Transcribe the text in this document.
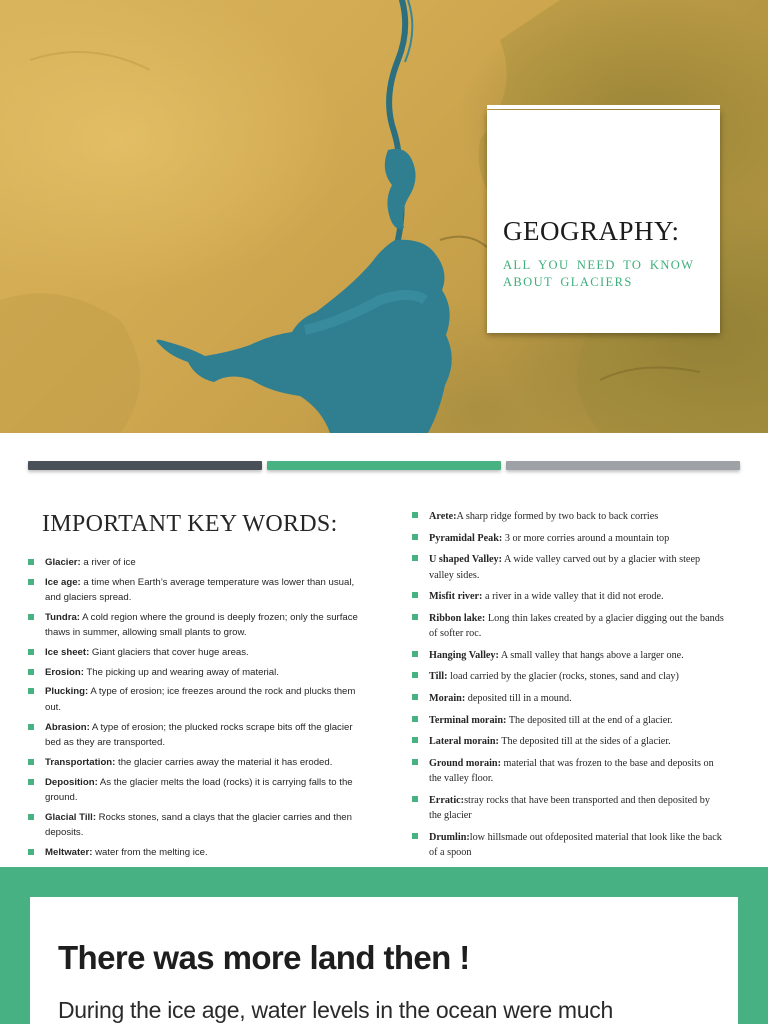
GEOGRAPHY:

ALL YOU NEED TO KNOW ABOUT GLACIERS

IMPORTANT KEY WORDS:
Glacier: a river of ice
Ice age: a time when Earth’s average temperature was lower than usual, and glaciers spread.
Tundra: A cold region where the ground is deeply frozen; only the surface thaws in summer, allowing small plants to grow.
Ice sheet: Giant glaciers that cover huge areas.
Erosion: The picking up and wearing away of material.
Plucking: A type of erosion; ice freezes around the rock and plucks them out.
Abrasion: A type of erosion; the plucked rocks scrape bits off the glacier bed as they are transported.
Transportation: the glacier carries away the material it has eroded.
Deposition: As the glacier melts the load (rocks) it is carrying falls to the ground.
Glacial Till: Rocks stones, sand a clays that the glacier carries and then deposits.
Meltwater: water from the melting ice.
Arete:A sharp ridge formed by two back to back corries
Pyramidal Peak: 3 or more corries around a mountain top
U shaped Valley: A wide valley carved out by a glacier with steep valley sides.
Misfit river: a river in a wide valley that it did not erode.
Ribbon lake: Long thin lakes created by a glacier digging out the bands of softer roc.
Hanging Valley: A small valley that hangs above a larger one.
Till: load carried by the glacier (rocks, stones, sand and clay)
Morain: deposited till in a mound.
Terminal morain: The deposited till at the end of a glacier.
Lateral morain: The deposited till at the sides of a glacier.
Ground morain: material that was frozen to the base and deposits on the valley floor.
Erratic:stray rocks that have been transported and then deposited by the glacier
Drumlin:low hillsmade out ofdeposited material that look like the back of a spoon
There was more land then !

During the ice age, water levels in the ocean were much
